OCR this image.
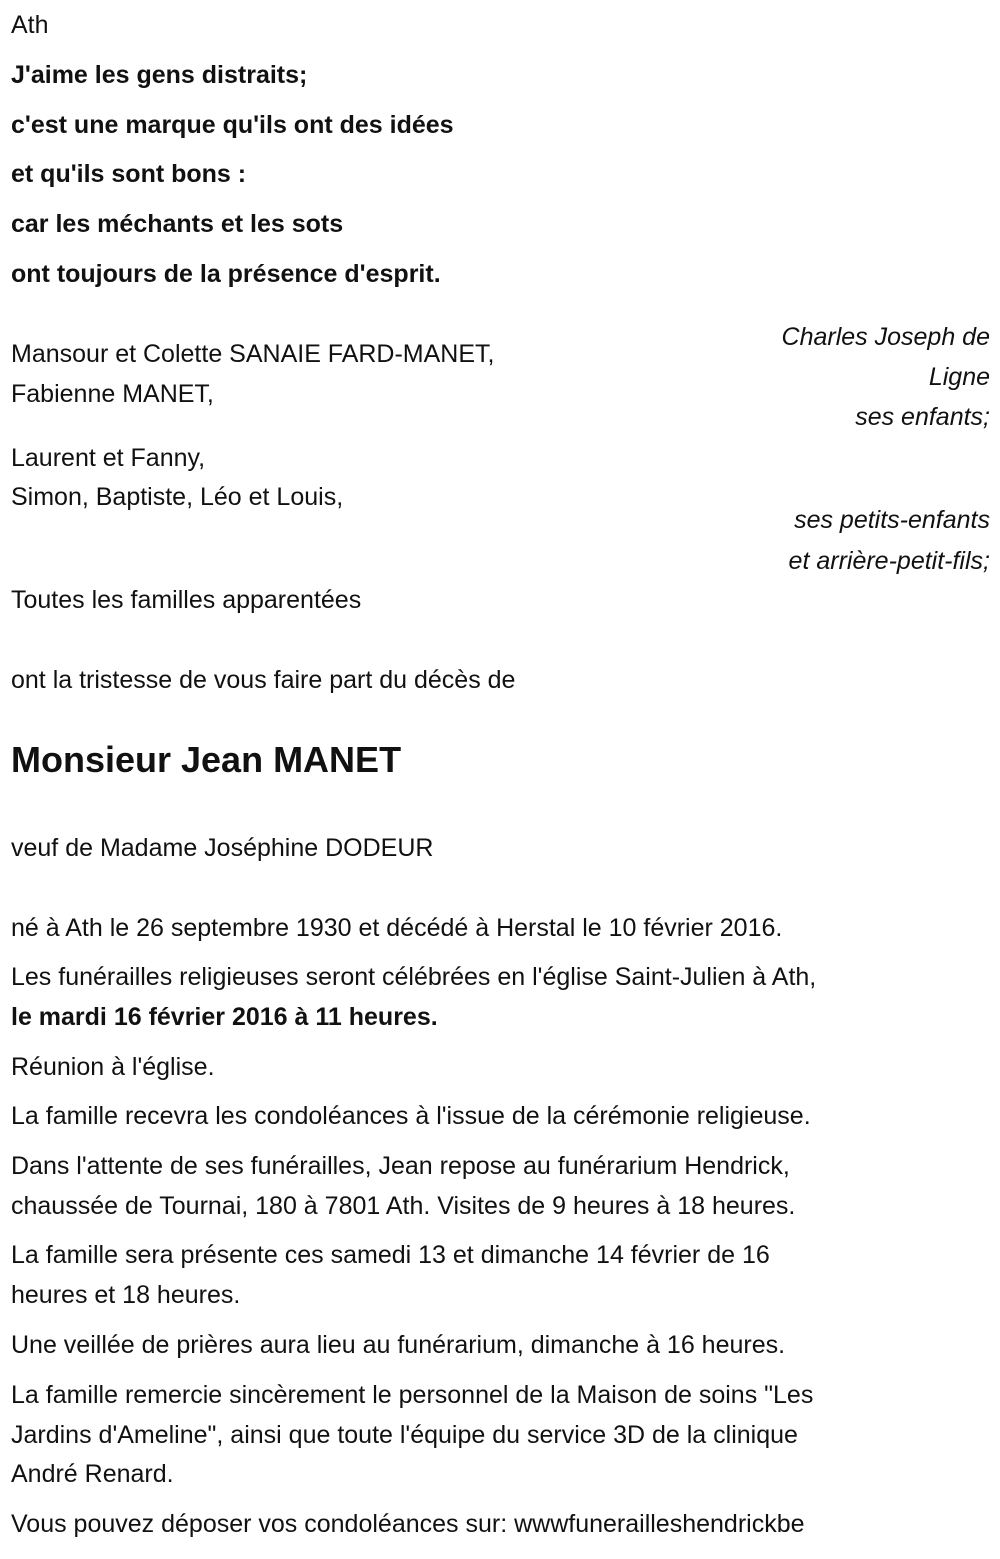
Ath
J'aime les gens distraits;
c'est une marque qu'ils ont des idées
et qu'ils sont bons :
car les méchants et les sots
ont toujours de la présence d'esprit.
Charles Joseph de
Ligne
ses enfants;
Mansour et Colette SANAIE FARD-MANET,
Fabienne MANET,
Laurent et Fanny,
Simon, Baptiste, Léo et Louis,
ses petits-enfants
et arrière-petit-fils;
Toutes les familles apparentées
ont la tristesse de vous faire part du décès de
Monsieur Jean MANET
veuf de Madame Joséphine DODEUR
né à Ath le 26 septembre 1930 et décédé à Herstal le 10 février 2016.
Les funérailles religieuses seront célébrées en l'église Saint-Julien à Ath,
le mardi 16 février 2016 à 11 heures.
Réunion à l'église.
La famille recevra les condoléances à l'issue de la cérémonie religieuse.
Dans l'attente de ses funérailles, Jean repose au funérarium Hendrick,
chaussée de Tournai, 180 à 7801 Ath. Visites de 9 heures à 18 heures.
La famille sera présente ces samedi 13 et dimanche 14 février de 16
heures et 18 heures.
Une veillée de prières aura lieu au funérarium, dimanche à 16 heures.
La famille remercie sincèrement le personnel de la Maison de soins "Les
Jardins d'Ameline", ainsi que toute l'équipe du service 3D de la clinique
André Renard.
Vous pouvez déposer vos condoléances sur: wwwfunerailleshendrickbe
